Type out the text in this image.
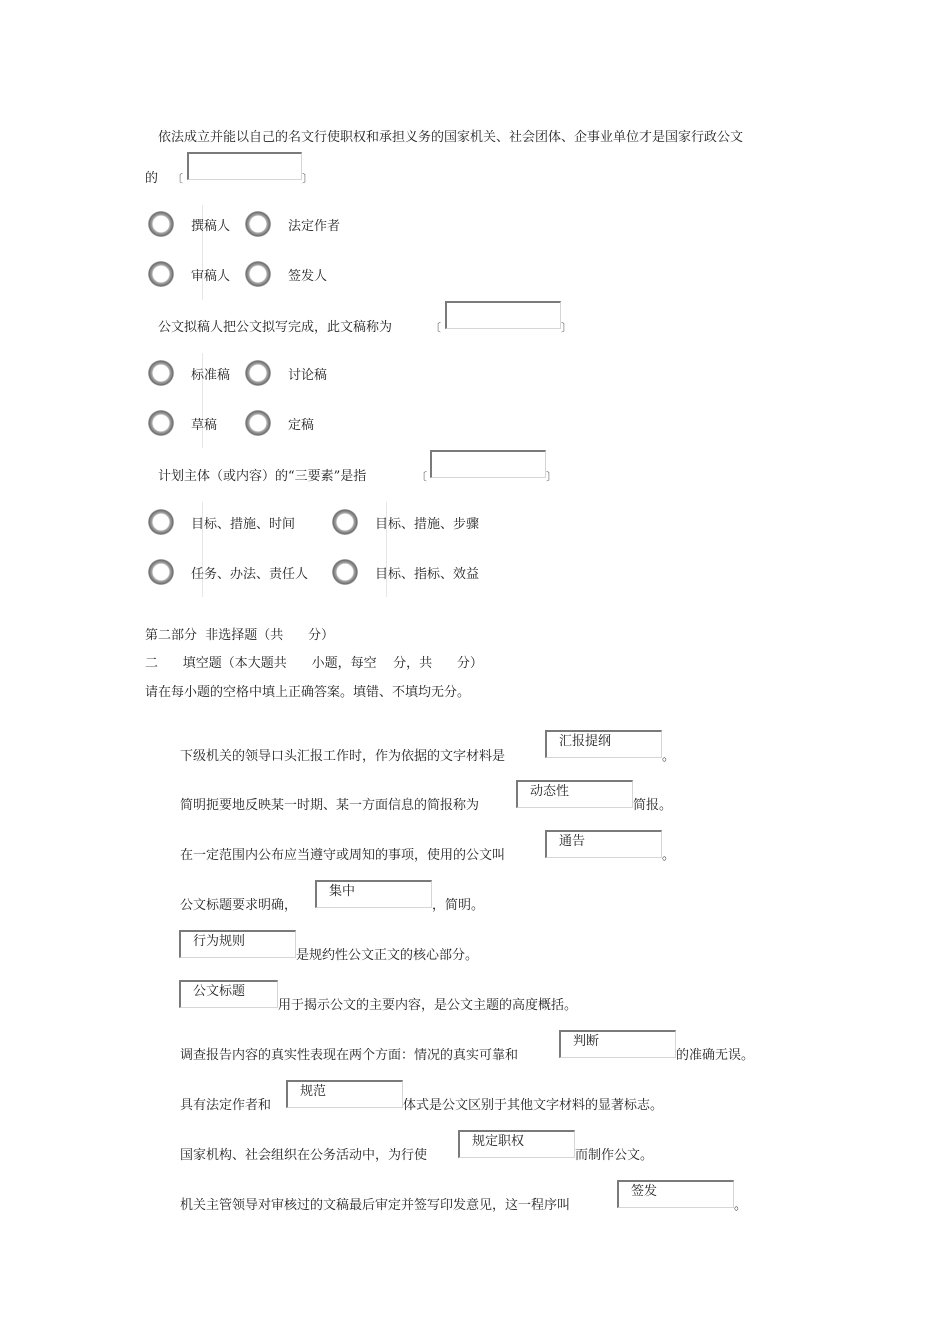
依法成立并能以自己的名文行使职权和承担义务的国家机关、社会团体、企事业单位才是国家行政公文
的 〔	〕
撰稿人	法定作者
审稿人	签发人
公文拟稿人把公文拟写完成，此文稿称为	〔	〕
标准稿	讨论稿
草稿	定稿
计划主体（或内容）的“三要素”是指	〔	〕
目标、措施、时间	目标、措施、步骤
任务、办法、责任人	目标、指标、效益
第二部分  非选择题（共      分）
二      填空题（本大题共      小题，每空    分，共      分）
请在每小题的空格中填上正确答案。填错、不填均无分。
下级机关的领导口头汇报工作时，作为依据的文字材料是
汇报提纲
。
简明扼要地反映某一时期、某一方面信息的简报称为
动态性
简报。
在一定范围内公布应当遵守或周知的事项，使用的公文叫
通告
。
公文标题要求明确，
集中
，简明。
行为规则
是规约性公文正文的核心部分。
公文标题
用于揭示公文的主要内容，是公文主题的高度概括。
调查报告内容的真实性表现在两个方面：情况的真实可靠和
判断
的准确无误。
具有法定作者和
规范
体式是公文区别于其他文字材料的显著标志。
国家机构、社会组织在公务活动中，为行使
规定职权
而制作公文。
机关主管领导对审核过的文稿最后审定并签写印发意见，这一程序叫
签发
。
